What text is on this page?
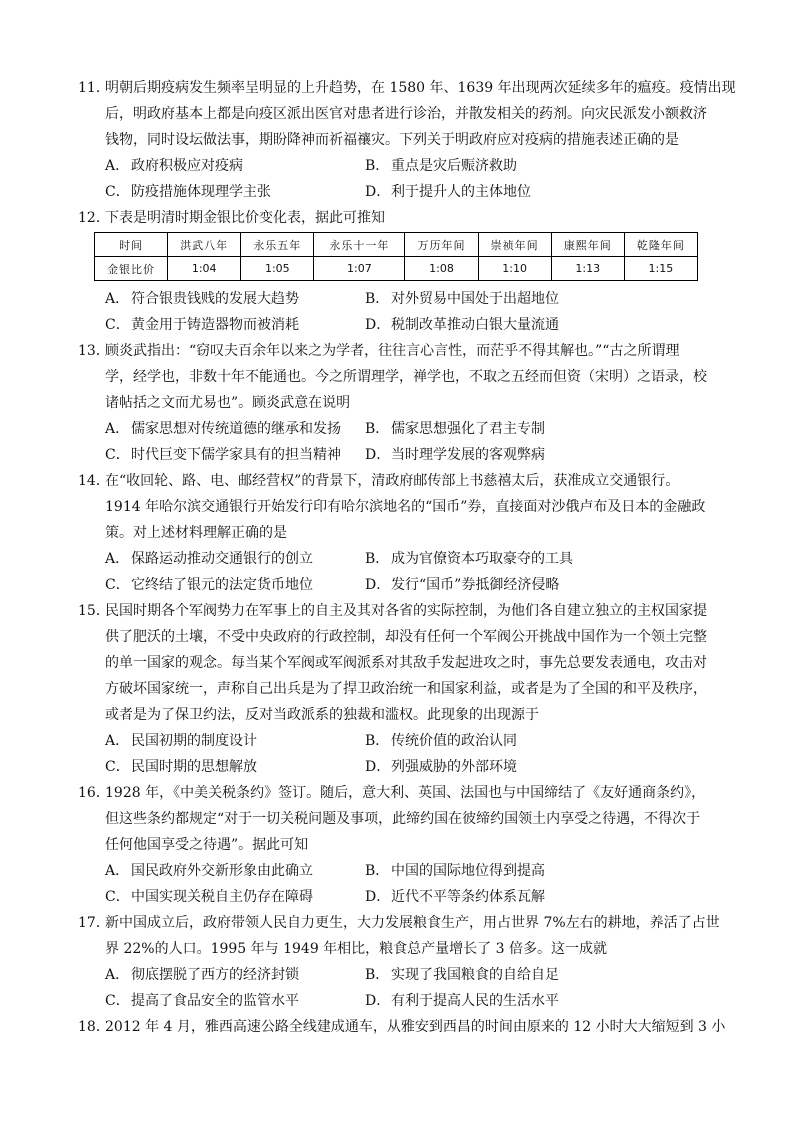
11．
明朝后期疫病发生频率呈明显的上升趋势，在 1580 年、1639 年出现两次延续多年的瘟疫。疫情出现
后，明政府基本上都是向疫区派出医官对患者进行诊治，并散发相关的药剂。向灾民派发小额救济
钱物，同时设坛做法事，期盼降神而祈福禳灾。下列关于明政府应对疫病的措施表述正确的是
A． 政府积极应对疫病	B． 重点是灾后赈济救助
C．防疫措施体现理学主张	D．利于提升人的主体地位
12．
下表是明清时期金银比价变化表，据此可推知
时间	洪武八年	永乐五年	永乐十一年	万历年间	崇祯年间	康熙年间	乾隆年间
金银比价	1:04	1:05	1:07	1:08	1:10	1:13	1:15
A． 符合银贵钱贱的发展大趋势	B． 对外贸易中国处于出超地位
C．黄金用于铸造器物而被消耗	D．税制改革推动白银大量流通
13．
顾炎武指出：“窃叹夫百余年以来之为学者，往往言心言性，而茫乎不得其解也。”“古之所谓理
学，经学也，非数十年不能通也。今之所谓理学，禅学也，不取之五经而但资（宋明）之语录，校
诸帖括之文而尤易也”。顾炎武意在说明
A． 儒家思想对传统道德的继承和发扬 B． 儒家思想强化了君主专制
C．时代巨变下儒学家具有的担当精神 D．当时理学发展的客观弊病
14．
在“收回轮、路、电、邮经营权”的背景下，清政府邮传部上书慈禧太后，获准成立交通银行。
1914 年哈尔滨交通银行开始发行印有哈尔滨地名的“国币”券，直接面对沙俄卢布及日本的金融政
策。对上述材料理解正确的是
A． 保路运动推动交通银行的创立	B． 成为官僚资本巧取豪夺的工具
C．它终结了银元的法定货币地位	D．发行“国币”券抵御经济侵略
15．
民国时期各个军阀势力在军事上的自主及其对各省的实际控制，为他们各自建立独立的主权国家提
供了肥沃的土壤，不受中央政府的行政控制，却没有任何一个军阀公开挑战中国作为一个领土完整
的单一国家的观念。每当某个军阀或军阀派系对其敌手发起进攻之时，事先总要发表通电，攻击对
方破坏国家统一，声称自己出兵是为了捍卫政治统一和国家利益，或者是为了全国的和平及秩序，
或者是为了保卫约法，反对当政派系的独裁和滥权。此现象的出现源于
A． 民国初期的制度设计	B． 传统价值的政治认同
C．民国时期的思想解放	D．列强威胁的外部环境
16．
1928 年，《中美关税条约》签订。随后，意大利、英国、法国也与中国缔结了《友好通商条约》，
但这些条约都规定“对于一切关税问题及事项，此缔约国在彼缔约国领土内享受之待遇，不得次于
任何他国享受之待遇”。据此可知
A． 国民政府外交新形象由此确立	B． 中国的国际地位得到提高
C．中国实现关税自主仍存在障碍	D．近代不平等条约体系瓦解
17．
新中国成立后，政府带领人民自力更生，大力发展粮食生产，用占世界 7%左右的耕地，养活了占世
界 22%的人口。1995 年与 1949 年相比，粮食总产量增长了 3 倍多。这一成就
A． 彻底摆脱了西方的经济封锁	B． 实现了我国粮食的自给自足
C．提高了食品安全的监管水平	D．有利于提高人民的生活水平
18．
2012 年 4 月，雅西高速公路全线建成通车，从雅安到西昌的时间由原来的 12 小时大大缩短到 3 小
